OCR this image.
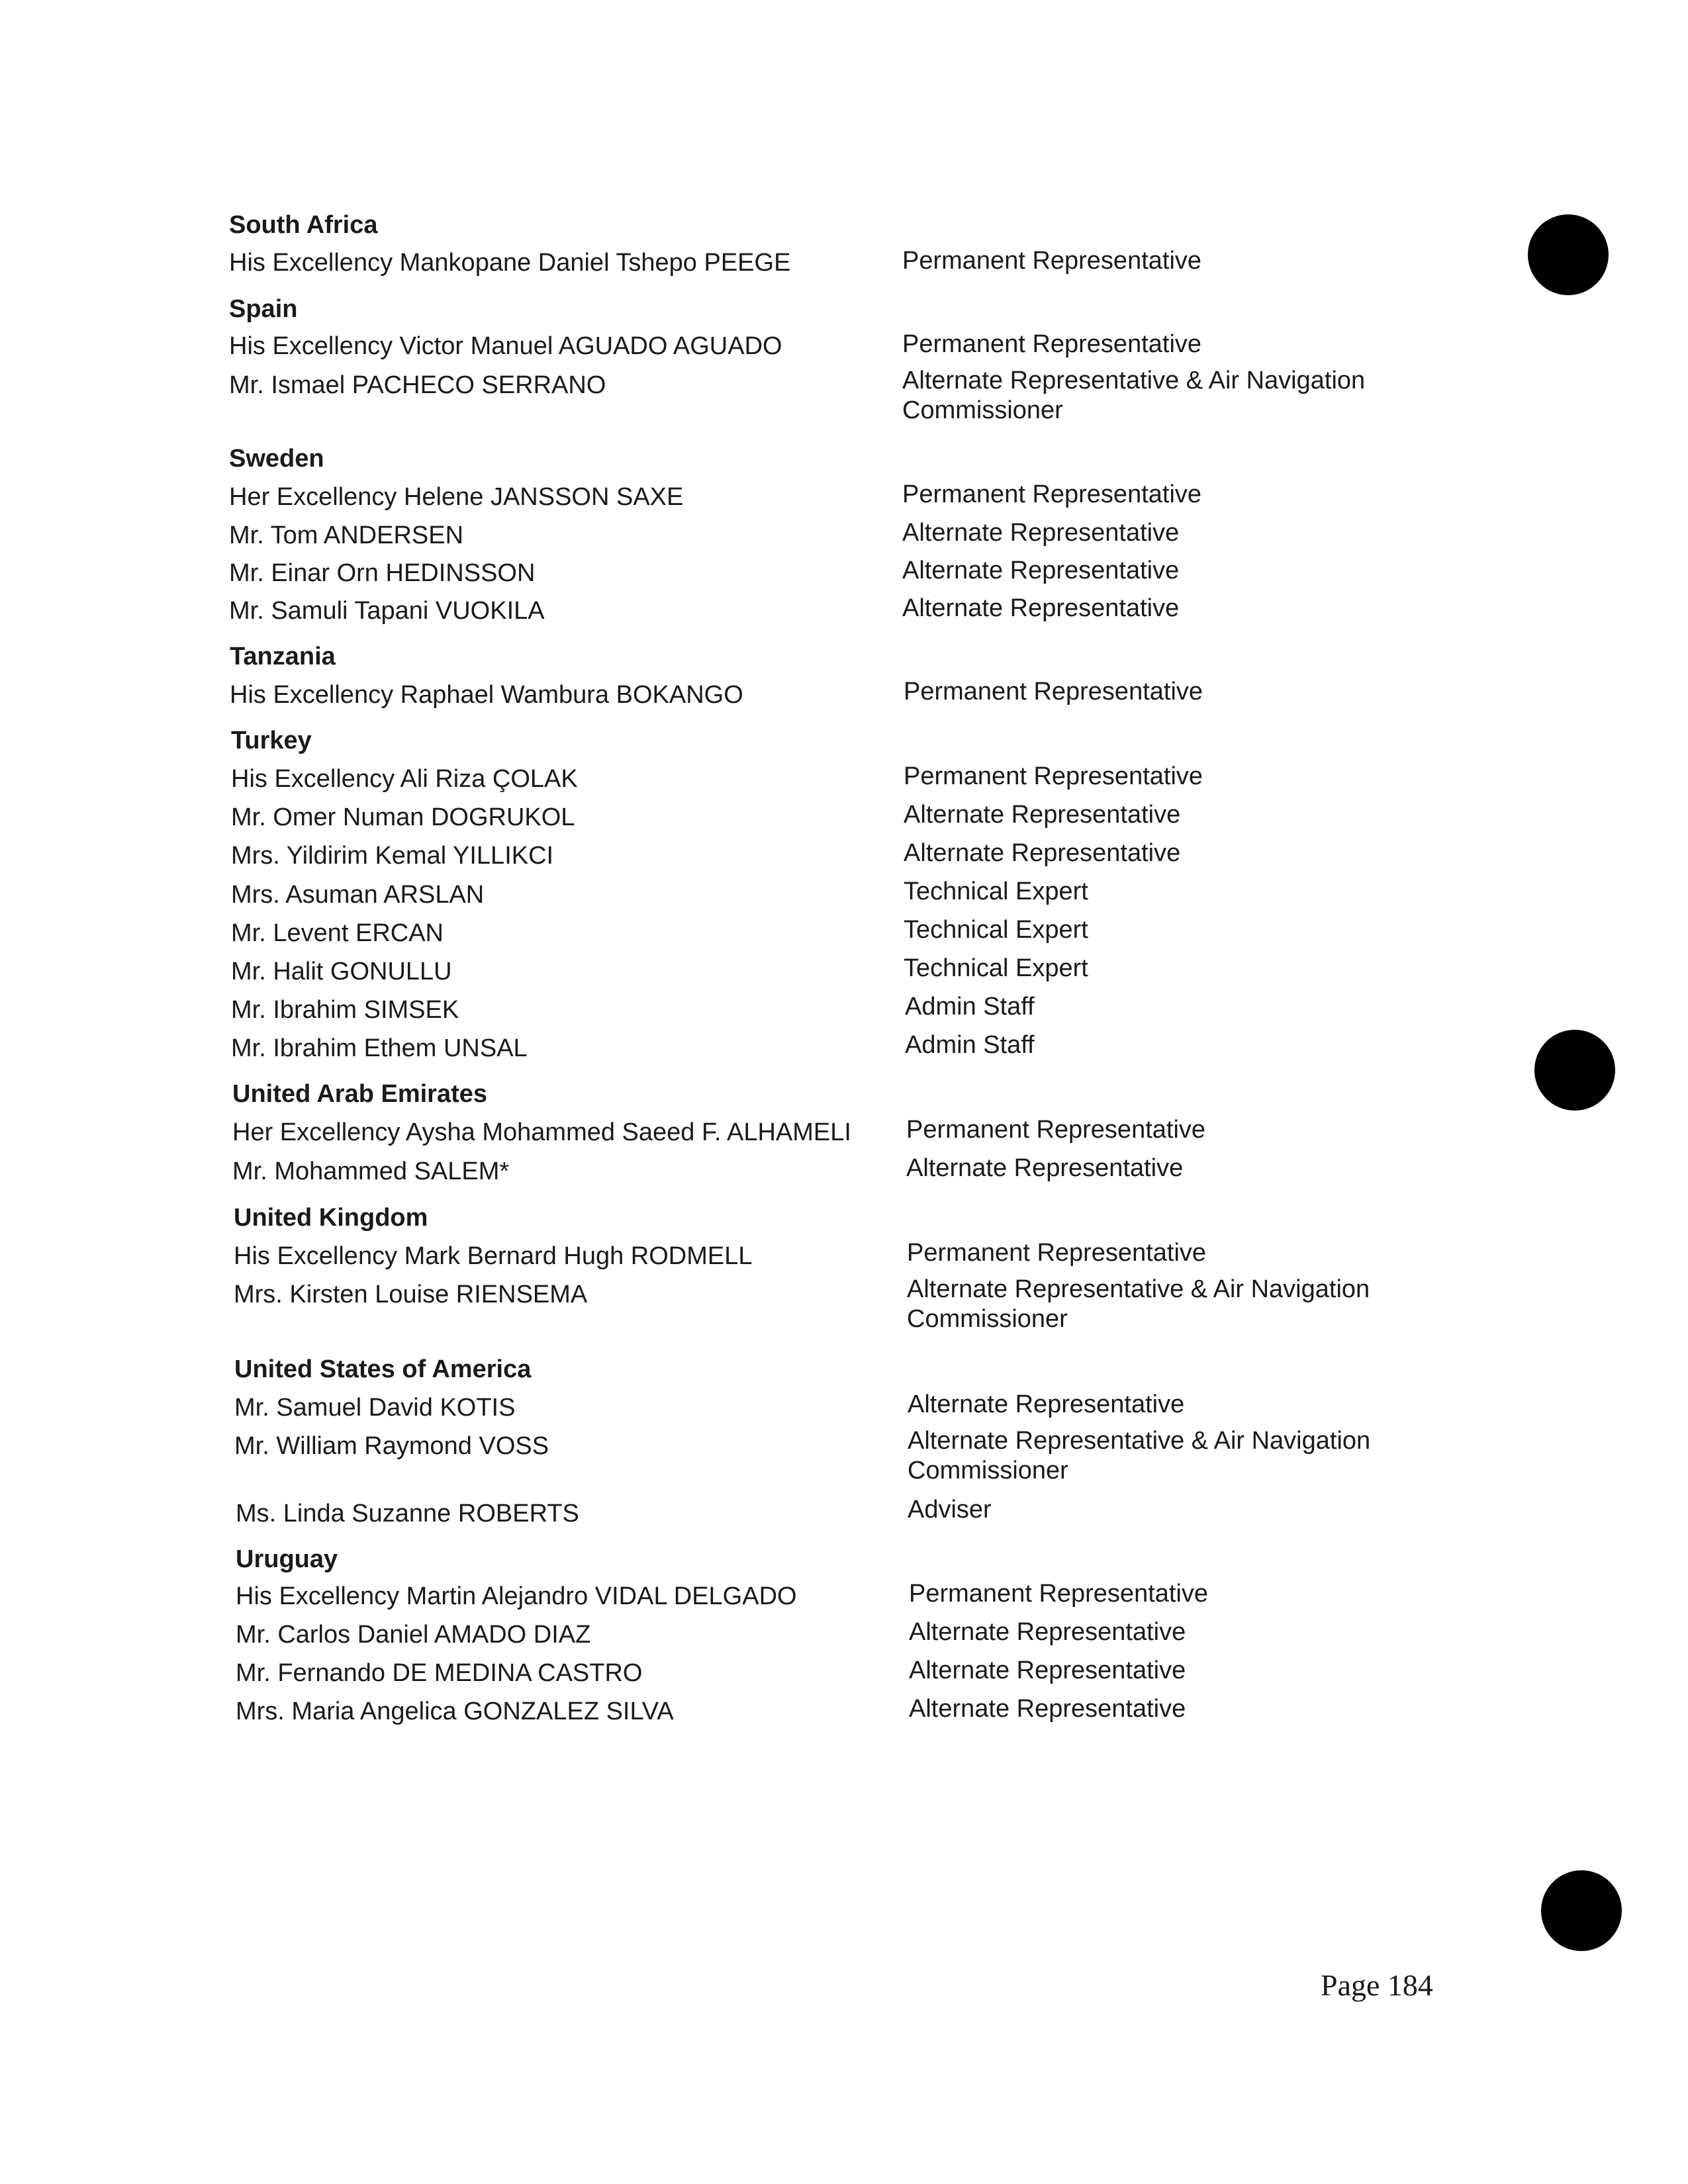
South Africa
His Excellency Mankopane Daniel Tshepo PEEGE	Permanent Representative
Spain
His Excellency Victor Manuel AGUADO AGUADO	Permanent Representative
Mr. Ismael PACHECO SERRANO	Alternate Representative & Air Navigation Commissioner
Sweden
Her Excellency Helene JANSSON SAXE	Permanent Representative
Mr. Tom ANDERSEN	Alternate Representative
Mr. Einar Orn HEDINSSON	Alternate Representative
Mr. Samuli Tapani VUOKILA	Alternate Representative
Tanzania
His Excellency Raphael Wambura BOKANGO	Permanent Representative
Turkey
His Excellency Ali Riza ÇOLAK	Permanent Representative
Mr. Omer Numan DOGRUKOL	Alternate Representative
Mrs. Yildirim Kemal YILLIKCI	Alternate Representative
Mrs. Asuman ARSLAN	Technical Expert
Mr. Levent ERCAN	Technical Expert
Mr. Halit GONULLU	Technical Expert
Mr. Ibrahim SIMSEK	Admin Staff
Mr. Ibrahim Ethem UNSAL	Admin Staff
United Arab Emirates
Her Excellency Aysha Mohammed Saeed F. ALHAMELI	Permanent Representative
Mr. Mohammed SALEM*	Alternate Representative
United Kingdom
His Excellency Mark Bernard Hugh RODMELL	Permanent Representative
Mrs. Kirsten Louise RIENSEMA	Alternate Representative & Air Navigation Commissioner
United States of America
Mr. Samuel David KOTIS	Alternate Representative
Mr. William Raymond VOSS	Alternate Representative & Air Navigation Commissioner
Ms. Linda Suzanne ROBERTS	Adviser
Uruguay
His Excellency Martin Alejandro VIDAL DELGADO	Permanent Representative
Mr. Carlos Daniel AMADO DIAZ	Alternate Representative
Mr. Fernando DE MEDINA CASTRO	Alternate Representative
Mrs. Maria Angelica GONZALEZ SILVA	Alternate Representative
Page 184
